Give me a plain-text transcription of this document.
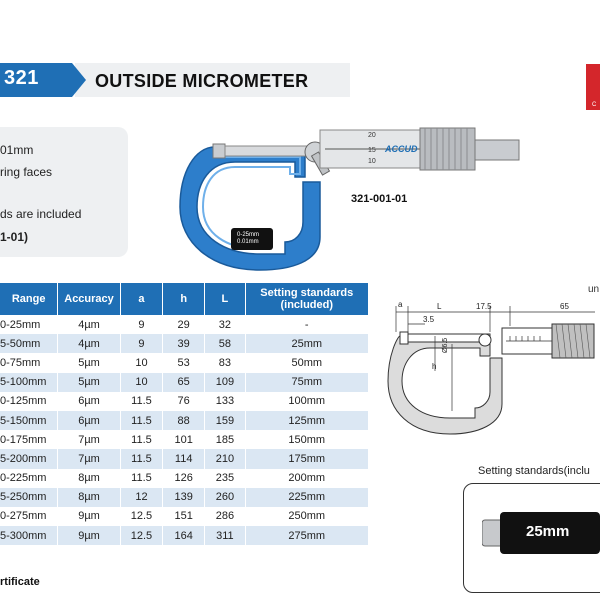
321	OUTSIDE MICROMETER
C
01mm
ring faces
ds are included
1-01)	0-25mm
0.01mm
ACCUD
20
15
10
321-001-01
Range	Accuracy	a	h	L	Setting standards (included)
0-25mm	4µm	9	29	32	-
5-50mm	4µm	9	39	58	25mm
0-75mm	5µm	10	53	83	50mm
5-100mm	5µm	10	65	109	75mm
0-125mm	6µm	11.5	76	133	100mm
5-150mm	6µm	11.5	88	159	125mm
0-175mm	7µm	11.5	101	185	150mm
5-200mm	7µm	11.5	114	210	175mm
0-225mm	8µm	11.5	126	235	200mm
5-250mm	8µm	12	139	260	225mm
0-275mm	9µm	12.5	151	286	250mm
5-300mm	9µm	12.5	164	311	275mm
rtificate
a	L	17.5	65
3.5
h
Ø6.5
un
Setting standards(inclu
25mm
